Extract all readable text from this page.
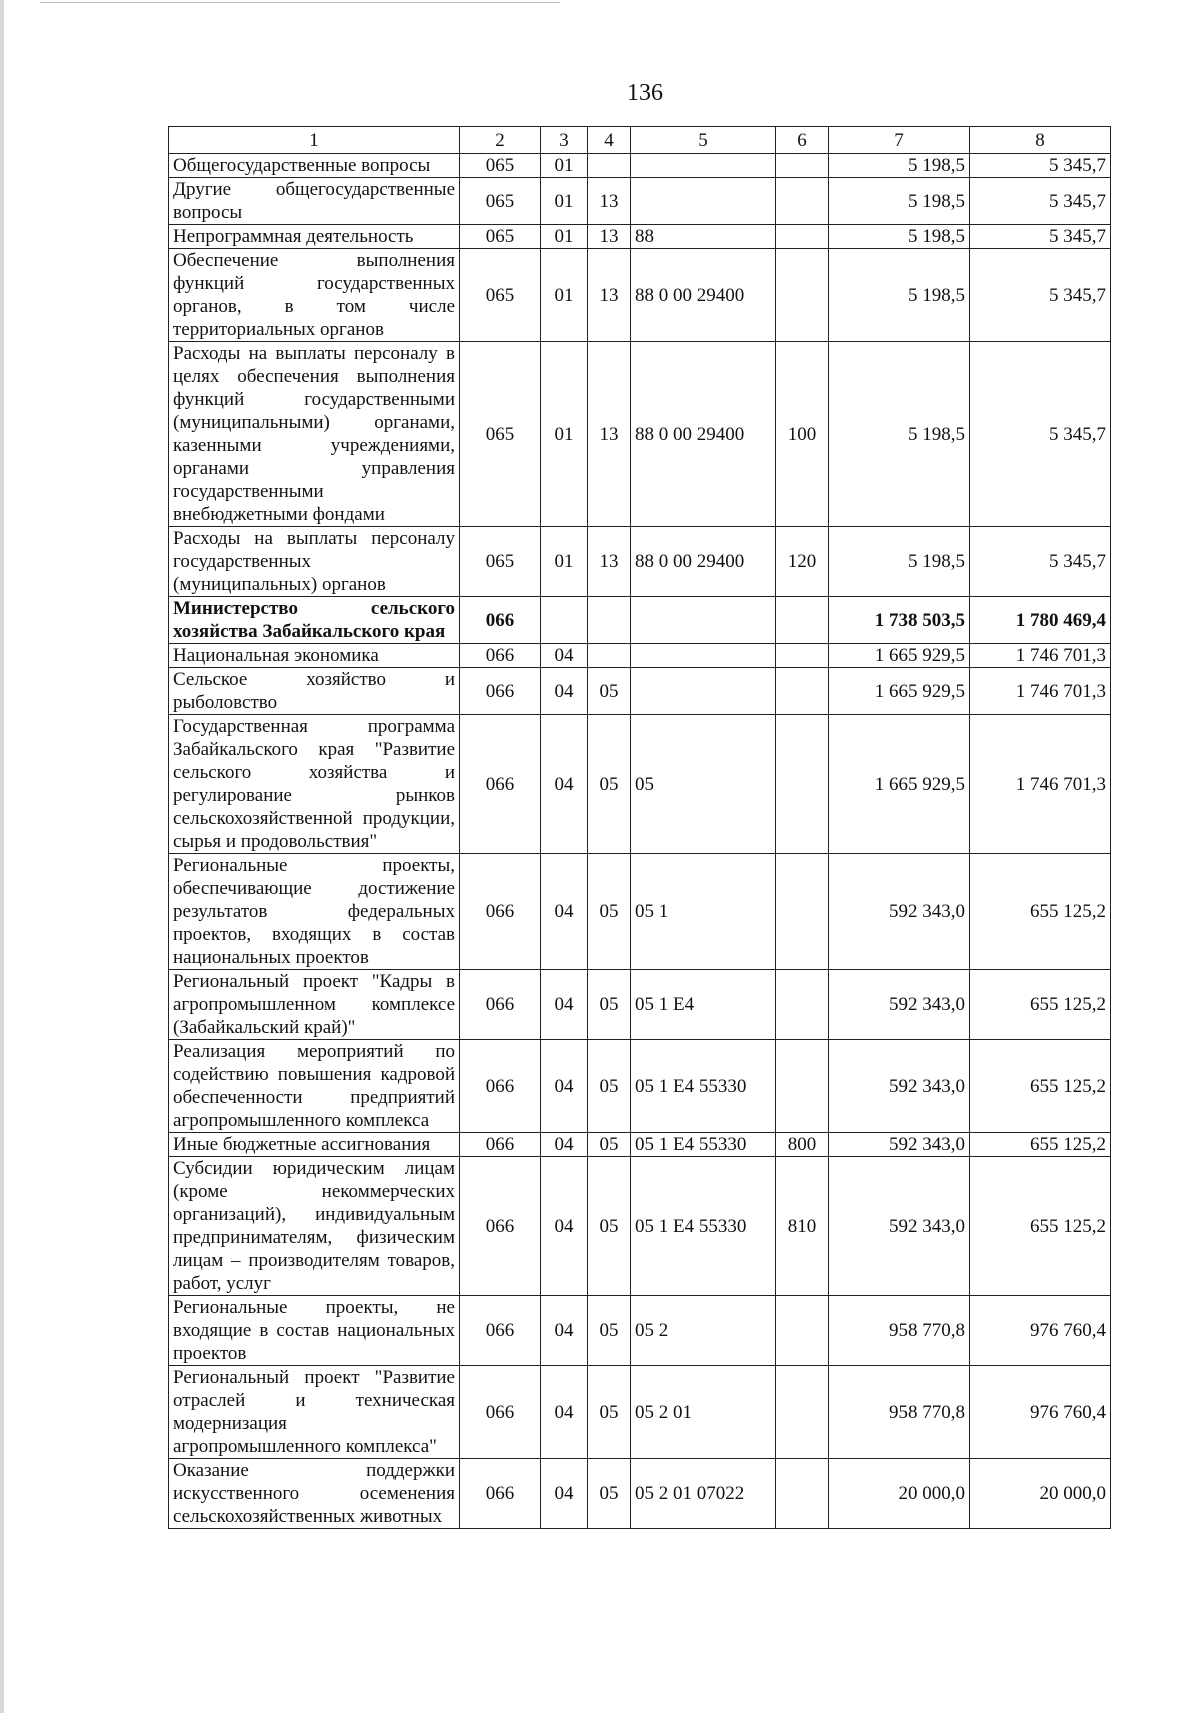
136
1	2	3	4	5	6	7	8
Общегосударственные вопросы	065	01				5 198,5	5 345,7
Другие общегосударственные вопросы	065	01	13			5 198,5	5 345,7
Непрограммная деятельность	065	01	13	88		5 198,5	5 345,7
Обеспечение выполнения функций государственных органов, в том числе территориальных органов	065	01	13	88 0 00 29400		5 198,5	5 345,7
Расходы на выплаты персоналу в целях обеспечения выполнения функций государственными (муниципальными) органами, казенными учреждениями, органами управления государственными внебюджетными фондами	065	01	13	88 0 00 29400	100	5 198,5	5 345,7
Расходы на выплаты персоналу государственных (муниципальных) органов	065	01	13	88 0 00 29400	120	5 198,5	5 345,7
Министерство сельского хозяйства Забайкальского края	066					1 738 503,5	1 780 469,4
Национальная экономика	066	04				1 665 929,5	1 746 701,3
Сельское хозяйство и рыболовство	066	04	05			1 665 929,5	1 746 701,3
Государственная программа Забайкальского края "Развитие сельского хозяйства и регулирование рынков сельскохозяйственной продукции, сырья и продовольствия"	066	04	05	05		1 665 929,5	1 746 701,3
Региональные проекты, обеспечивающие достижение результатов федеральных проектов, входящих в состав национальных проектов	066	04	05	05 1		592 343,0	655 125,2
Региональный проект "Кадры в агропромышленном комплексе (Забайкальский край)"	066	04	05	05 1 E4		592 343,0	655 125,2
Реализация мероприятий по содействию повышения кадровой обеспеченности предприятий агропромышленного комплекса	066	04	05	05 1 E4 55330		592 343,0	655 125,2
Иные бюджетные ассигнования	066	04	05	05 1 E4 55330	800	592 343,0	655 125,2
Субсидии юридическим лицам (кроме некоммерческих организаций), индивидуальным предпринимателям, физическим лицам – производителям товаров, работ, услуг	066	04	05	05 1 E4 55330	810	592 343,0	655 125,2
Региональные проекты, не входящие в состав национальных проектов	066	04	05	05 2		958 770,8	976 760,4
Региональный проект "Развитие отраслей и техническая модернизация агропромышленного комплекса"	066	04	05	05 2 01		958 770,8	976 760,4
Оказание поддержки искусственного осеменения сельскохозяйственных животных	066	04	05	05 2 01 07022		20 000,0	20 000,0
